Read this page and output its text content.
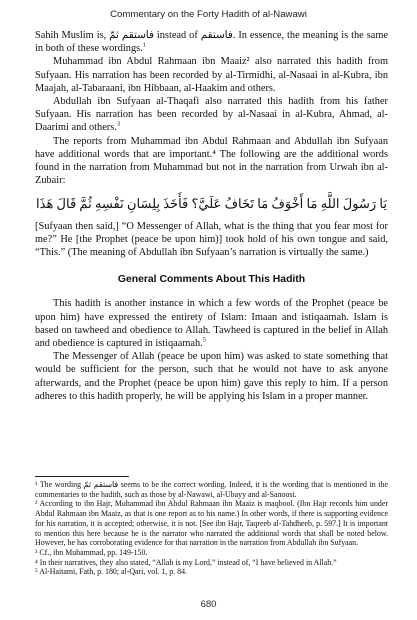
Commentary on the Forty Hadith of al-Nawawi

Sahih Muslim is, فاستقم ثمّ instead of فاستقم. In essence, the meaning is the same in both of these wordings.$^1$

Muhammad ibn Abdul Rahmaan ibn Maaiz² also narrated this hadith from Sufyaan. His narration has been recorded by al-Tirmidhi, al-Nasaai in al-Kubra, ibn Maajah, al-Tabaraani, ibn Hibbaan, al-Haakim and others.

Abdullah ibn Sufyaan al-Thaqafi also narrated this hadith from his father Sufyaan. His narration has been recorded by al-Nasaai in al-Kubra, Ahmad, al-Daarimi and others.$^3$

The reports from Muhammad ibn Abdul Rahmaan and Abdullah ibn Sufyaan have additional words that are important.⁴ The following are the additional words found in the narration from Muhammad but not in the narration from Urwah ibn al-Zubair:

يَا رَسُولَ اللَّهِ مَا أَخْوَفُ مَا تَخَافُ عَلَيَّ؟ فَأَخَذَ بِلِسَانِ نَفْسِهِ ثُمَّ قَالَ هَذَا

[Sufyaan then said,] “O Messenger of Allah, what is the thing that you fear most for me?” He [the Prophet (peace be upon him)] took hold of his own tongue and said, “This.” (The meaning of Abdullah ibn Sufyaan’s narration is virtually the same.)

General Comments About This Hadith

This hadith is another instance in which a few words of the Prophet (peace be upon him) have expressed the entirety of Islam: Imaan and istiqaamah. Islam is based on tawheed and obedience to Allah. Tawheed is captured in the belief in Allah and obedience is captured in istiqaamah.$^5$

The Messenger of Allah (peace be upon him) was asked to state something that would be sufficient for the person, such that he would not have to ask anyone afterwards, and the Prophet (peace be upon him) gave this reply to him. If a person adheres to this hadith properly, he will be applying his Islam in a proper manner.

¹ The wording فاستقم ثمّ seems to be the correct wording. Indeed, it is the wording that is mentioned in the commentaries to the hadith, such as those by al-Nawawi, al-Ubayy and al-Sanoosi.

² According to ibn Hajr, Muhammad ibn Abdul Rahmaan ibn Maaiz is maqbool. (Ibn Hajr records him under Abdul Rahmaan ibn Maaiz, as that is one report as to his name.) In other words, if there is supporting evidence for his narration, it is accepted; otherwise, it is not. [See ibn Hajr, Taqreeb al-Tahdheeb, p. 597.] It is important to mention this here because he is the narrator who narrated the additional words that shall be noted below. However, he has corroborating evidence for that narration in the narration from Abdullah ibn Sufyaan.

³ Cf., ibn Muhammad, pp. 149-150.

⁴ In their narratives, they also stated, “Allah is my Lord,” instead of, “I have believed in Allah.”

⁵ Al-Haitami, Fath, p. 180; al-Qari, vol. 1, p. 84.

680
